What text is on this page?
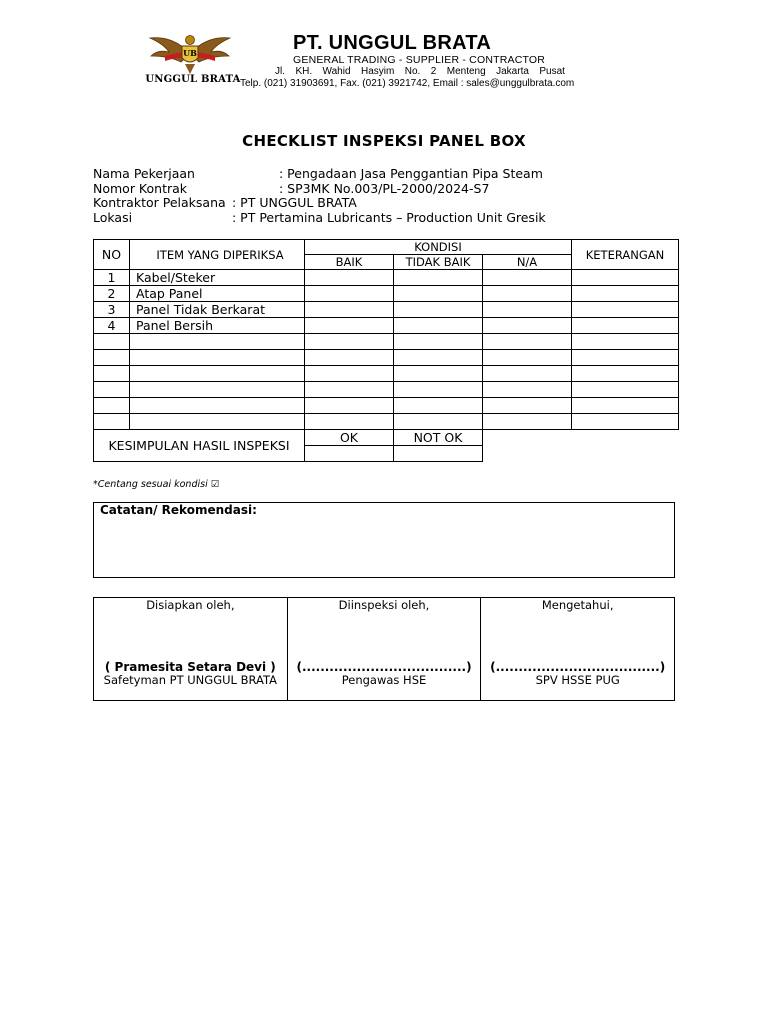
UB
UNGGUL BRATA
PT. UNGGUL BRATA
GENERAL TRADING - SUPPLIER - CONTRACTOR
Jl. KH. Wahid Hasyim No. 2 Menteng Jakarta Pusat
Telp. (021) 31903691, Fax. (021) 3921742, Email : sales@unggulbrata.com
CHECKLIST INSPEKSI PANEL BOX
Nama Pekerjaan	: Pengadaan Jasa Penggantian Pipa Steam
Nomor Kontrak	: SP3MK No.003/PL-2000/2024-S7
Kontraktor Pelaksana : PT UNGGUL BRATA
Lokasi	: PT Pertamina Lubricants – Production Unit Gresik
NO	ITEM YANG DIPERIKSA	KONDISI			KETERANGAN
		BAIK	TIDAK BAIK	N/A	
1	Kabel/Steker				
2	Atap Panel				
3	Panel Tidak Berkarat				
4	Panel Bersih				

KESIMPULAN HASIL INSPEKSI		OK	NOT OK		

*Centang sesuai kondisi ☑
Catatan/ Rekomendasi:
Disiapkan oleh,
( Pramesita Setara Devi )
Safetyman PT UNGGUL BRATA
Diinspeksi oleh,
(....................................)
Pengawas HSE
Mengetahui,
(....................................)
SPV HSSE PUG
